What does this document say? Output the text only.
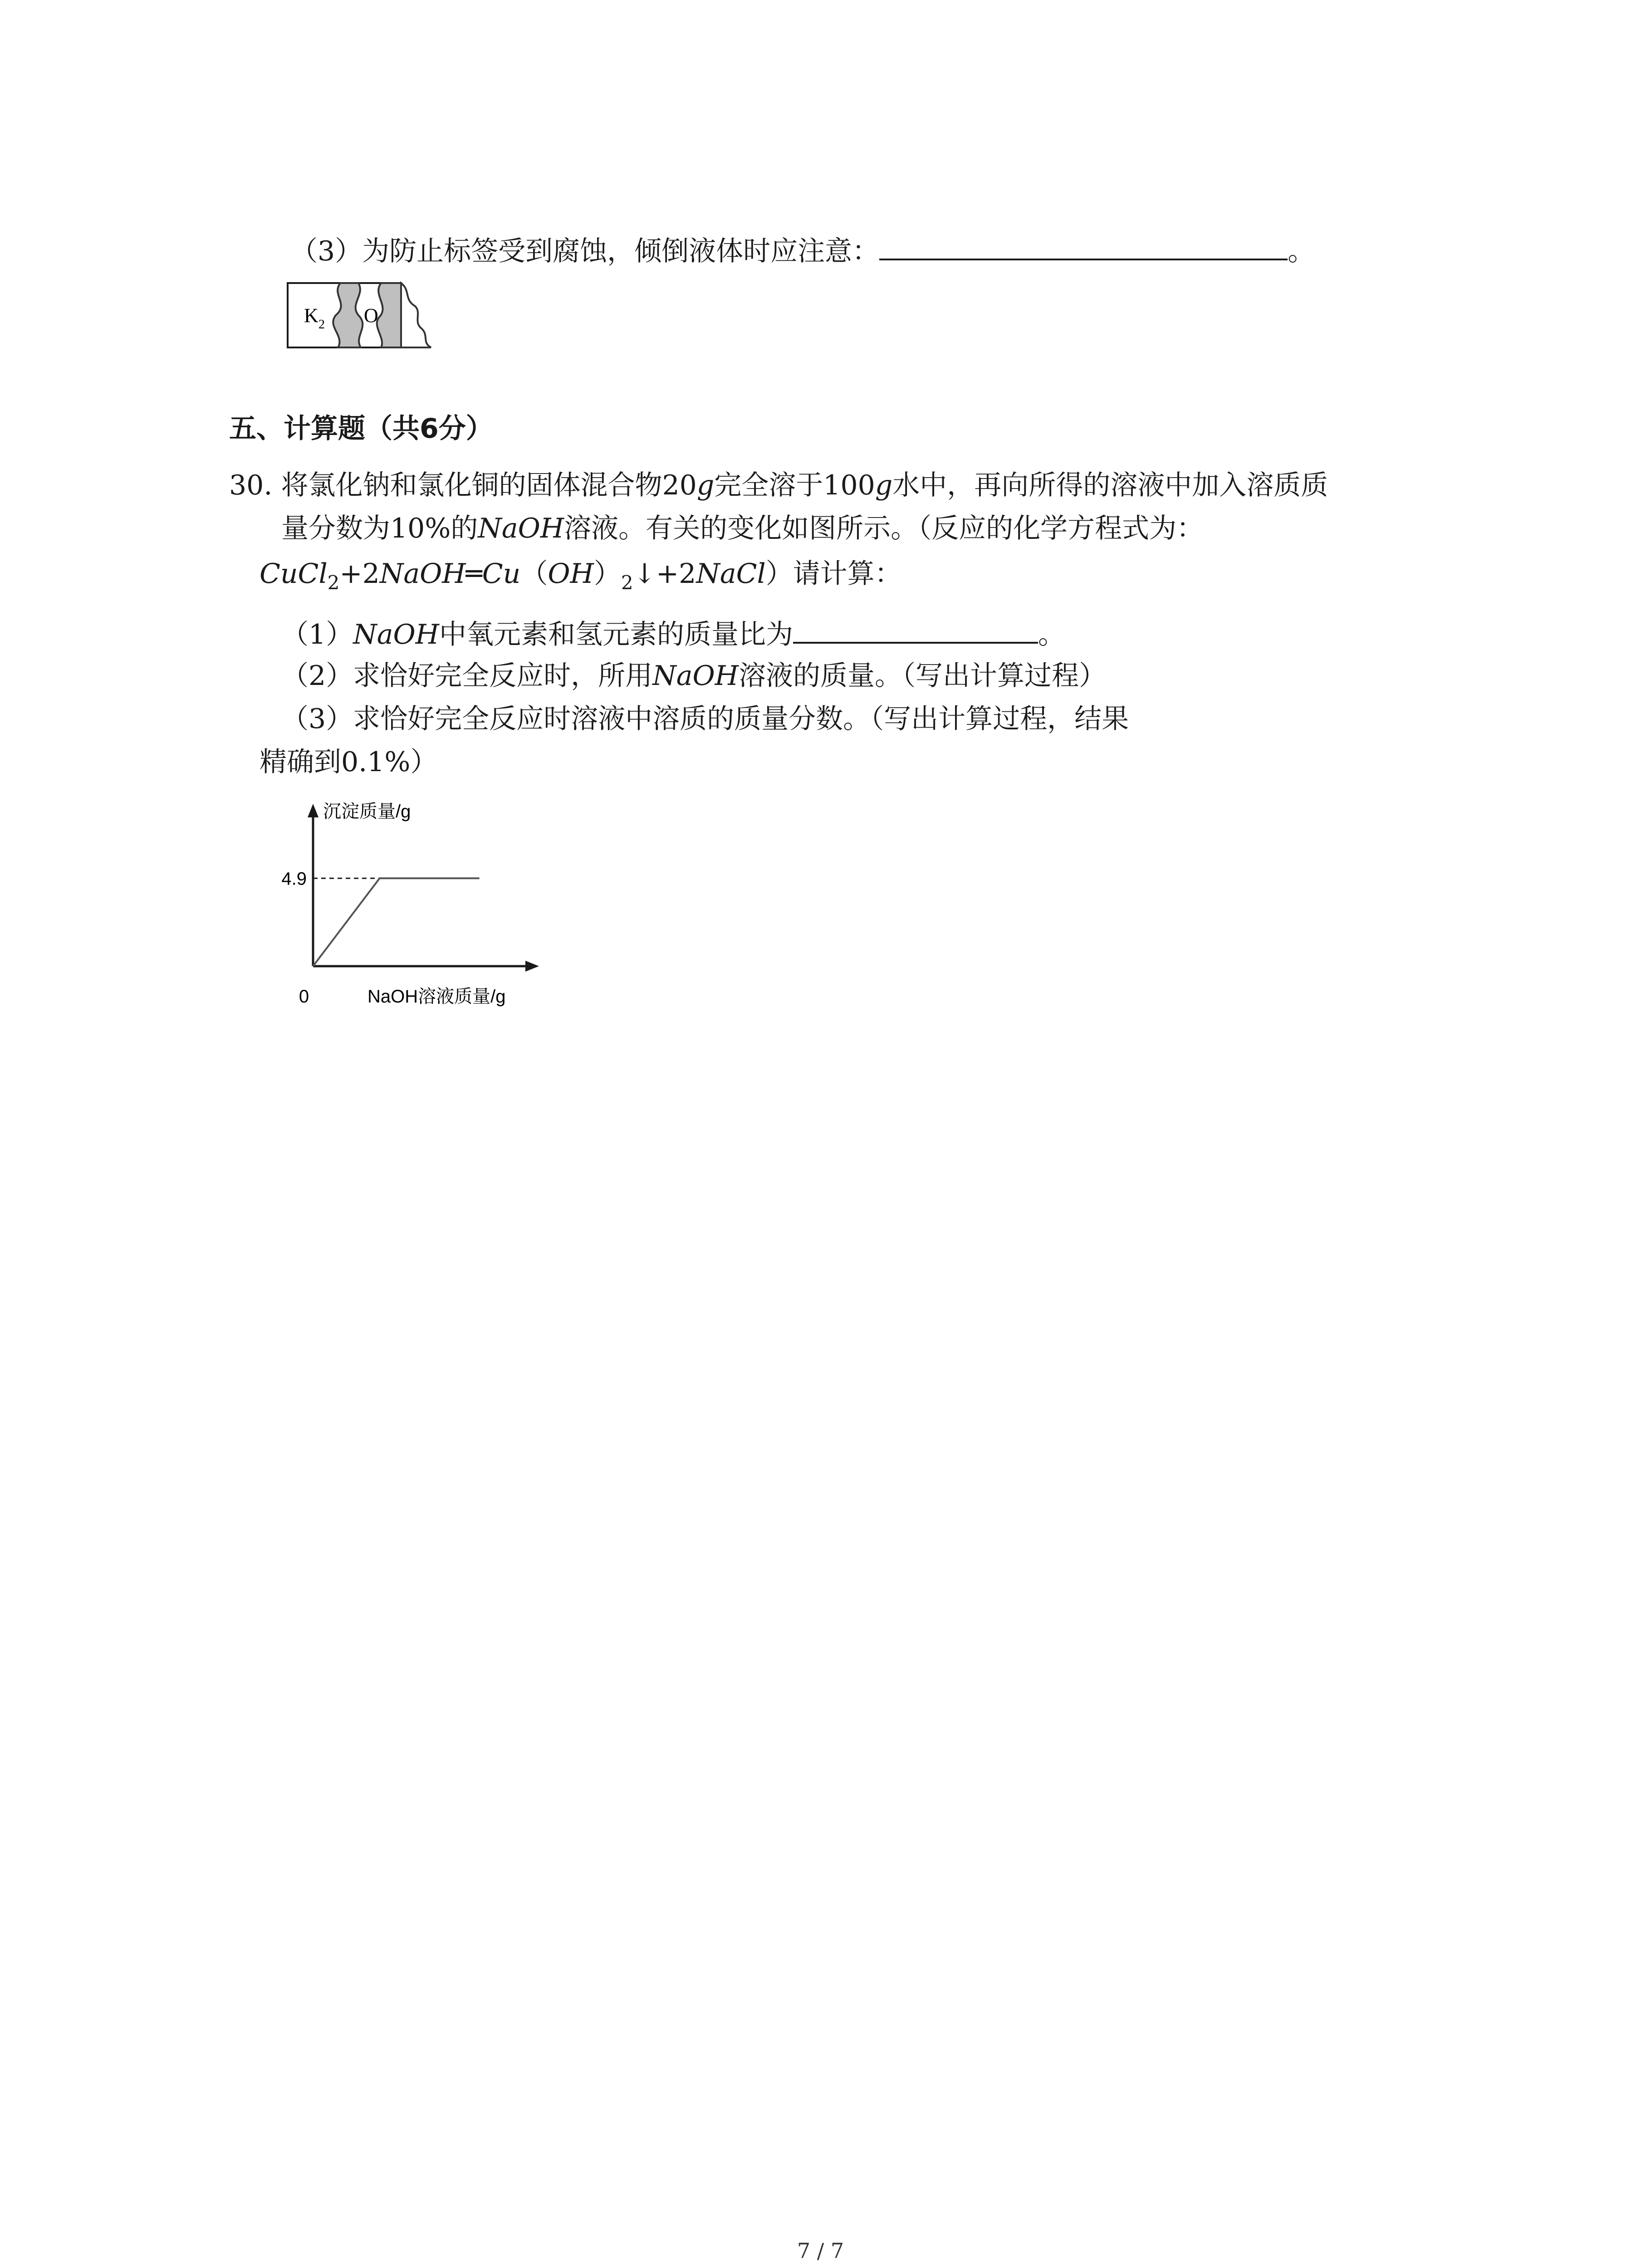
（3）为防止标签受到腐蚀，倾倒液体时应注意：	。
K 2 O
五、计算题（共6分）
30. 将氯化钠和氯化铜的固体混合物20g完全溶于100g水中，再向所得的溶液中加入溶质质
量分数为10%的NaOH溶液。有关的变化如图所示。（反应的化学方程式为：
$CuCl_2+2NaOH═Cu(OH)_2↓+2NaCl$）请计算：
（1）NaOH中氧元素和氢元素的质量比为	。
（2）求恰好完全反应时，所用NaOH溶液的质量。（写出计算过程）
（3）求恰好完全反应时溶液中溶质的质量分数。（写出计算过程，结果
精确到0.1%）
沉淀质量/g
NaOH溶液质量/g
0
4.9
7 / 7
